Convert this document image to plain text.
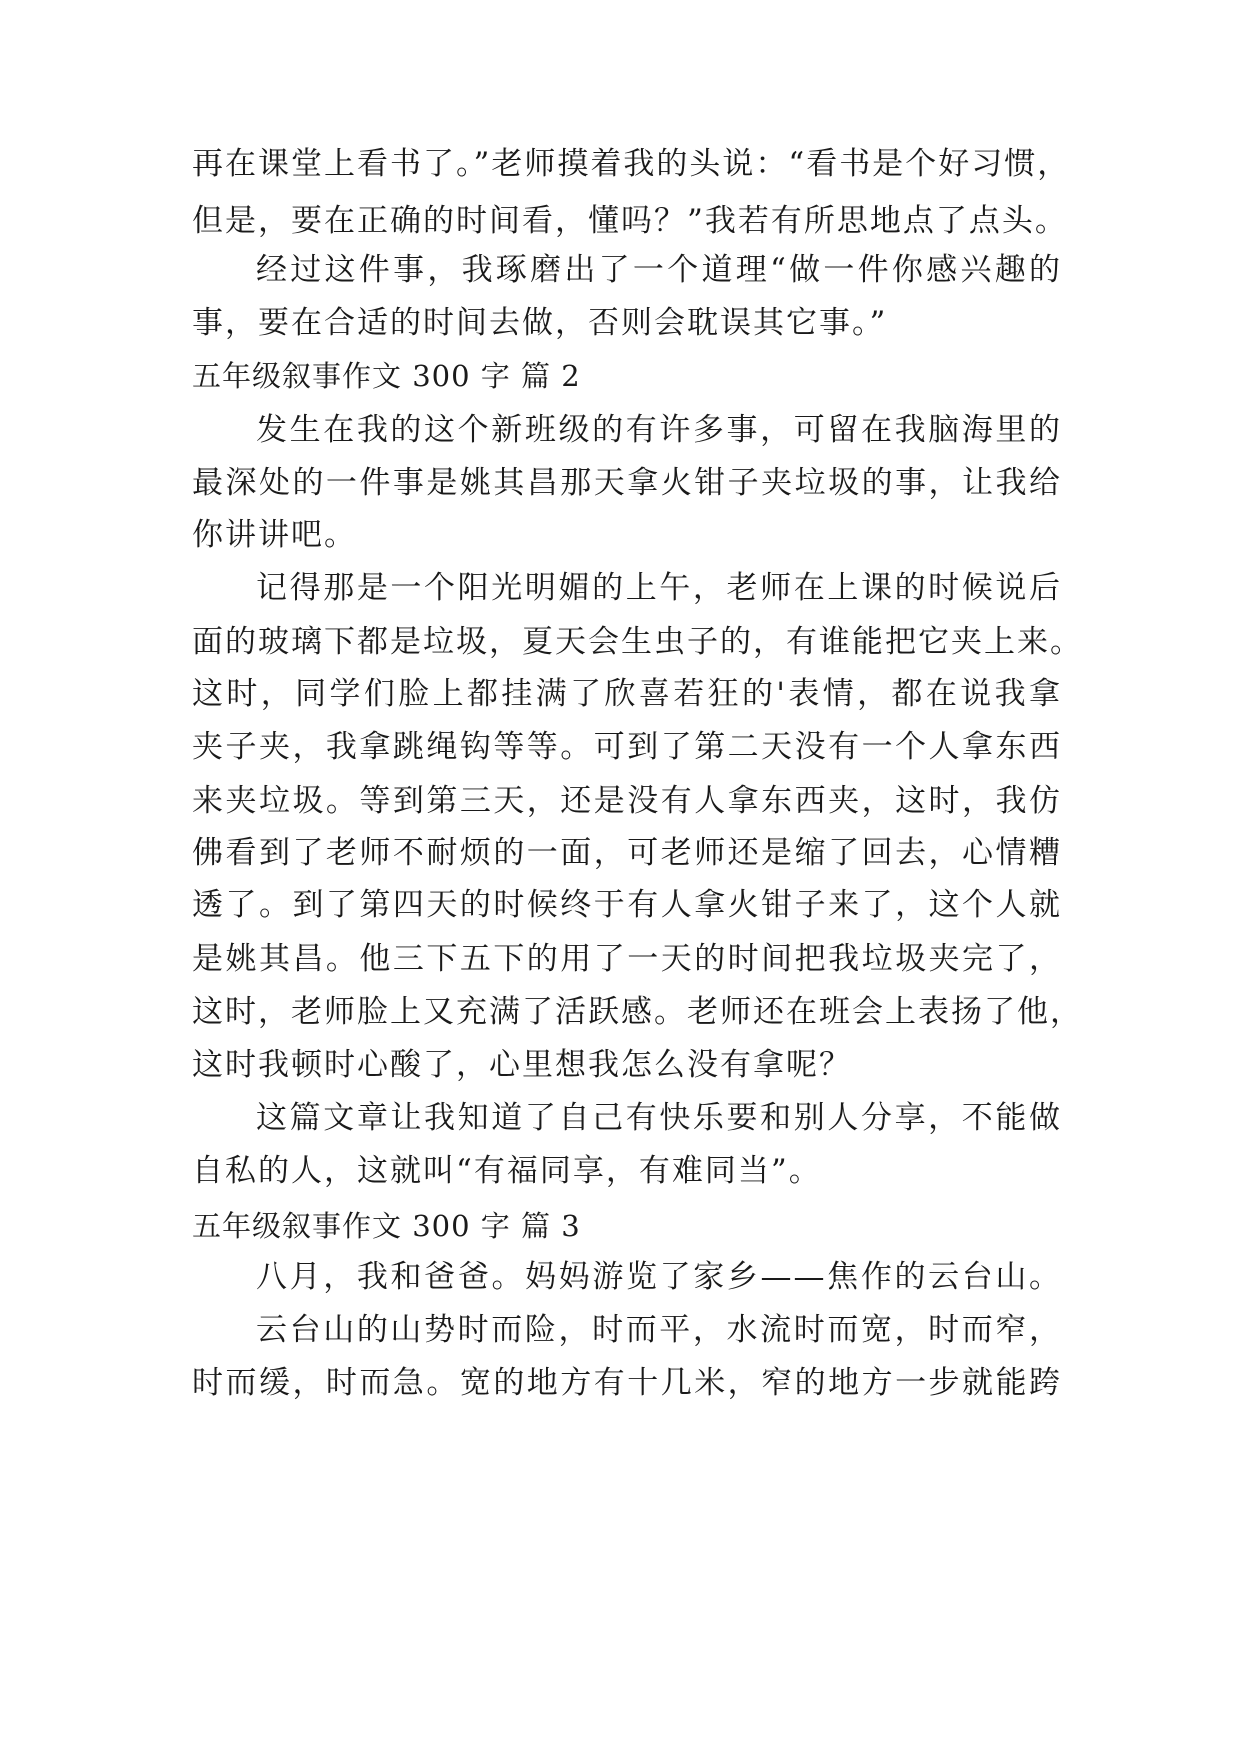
再在课堂上看书了。”老师摸着我的头说：“看书是个好习惯，
但是，要在正确的时间看，懂吗？”我若有所思地点了点头。
经过这件事，我琢磨出了一个道理“做一件你感兴趣的
事，要在合适的时间去做，否则会耽误其它事。”
五年级叙事作文 300 字 篇 2
发生在我的这个新班级的有许多事，可留在我脑海里的
最深处的一件事是姚其昌那天拿火钳子夹垃圾的事，让我给
你讲讲吧。
记得那是一个阳光明媚的上午，老师在上课的时候说后
面的玻璃下都是垃圾，夏天会生虫子的，有谁能把它夹上来。
这时，同学们脸上都挂满了欣喜若狂的'表情，都在说我拿
夹子夹，我拿跳绳钩等等。可到了第二天没有一个人拿东西
来夹垃圾。等到第三天，还是没有人拿东西夹，这时，我仿
佛看到了老师不耐烦的一面，可老师还是缩了回去，心情糟
透了。到了第四天的时候终于有人拿火钳子来了，这个人就
是姚其昌。他三下五下的用了一天的时间把我垃圾夹完了，
这时，老师脸上又充满了活跃感。老师还在班会上表扬了他，
这时我顿时心酸了，心里想我怎么没有拿呢？
这篇文章让我知道了自己有快乐要和别人分享，不能做
自私的人，这就叫“有福同享，有难同当”。
五年级叙事作文 300 字 篇 3
八月，我和爸爸。妈妈游览了家乡——焦作的云台山。
云台山的山势时而险，时而平，水流时而宽，时而窄，
时而缓，时而急。宽的地方有十几米，窄的地方一步就能跨
